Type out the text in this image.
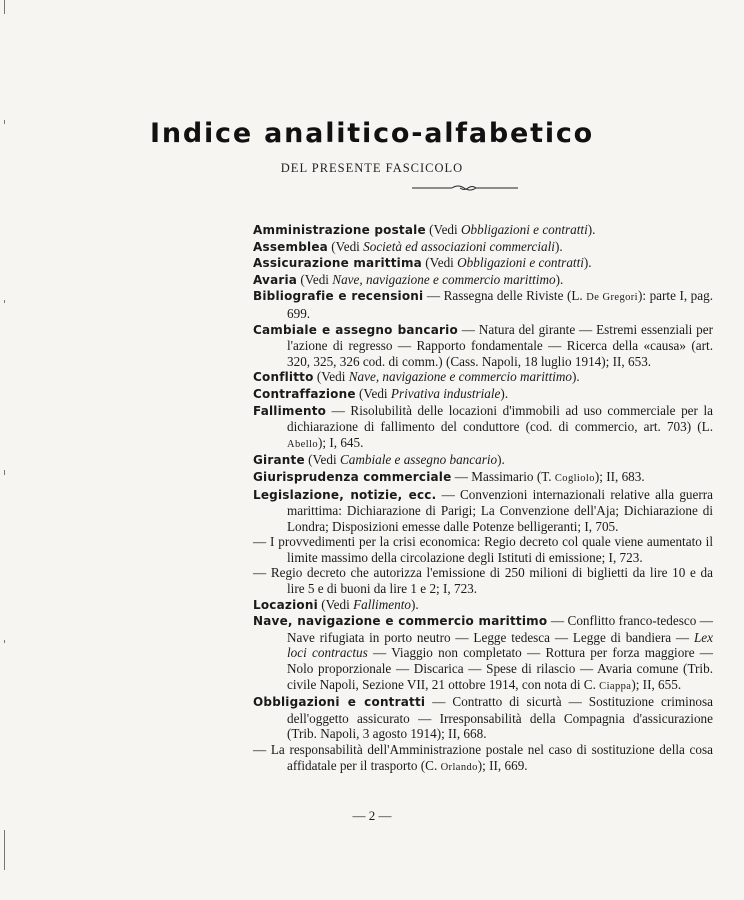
Indice analitico-alfabetico
DEL PRESENTE FASCICOLO

Amministrazione postale (Vedi Obbligazioni e contratti).

Assemblea (Vedi Società ed associazioni commerciali).

Assicurazione marittima (Vedi Obbligazioni e contratti).

Avaria (Vedi Nave, navigazione e commercio marittimo).

Bibliografie e recensioni — Rassegna delle Riviste (L. De Gregori): parte I, pag. 699.

Cambiale e assegno bancario — Natura del girante — Estremi essenziali per l'azione di regresso — Rapporto fondamentale — Ricerca della «causa» (art. 320, 325, 326 cod. di comm.) (Cass. Napoli, 18 luglio 1914); II, 653.

Conflitto (Vedi Nave, navigazione e commercio marittimo).

Contraffazione (Vedi Privativa industriale).

Fallimento — Risolubilità delle locazioni d'immobili ad uso commerciale per la dichiarazione di fallimento del conduttore (cod. di commercio, art. 703) (L. Abello); I, 645.

Girante (Vedi Cambiale e assegno bancario).

Giurisprudenza commerciale — Massimario (T. Cogliolo); II, 683.

Legislazione, notizie, ecc. — Convenzioni internazionali relative alla guerra marittima: Dichiarazione di Parigi; La Convenzione dell'Aja; Dichiarazione di Londra; Disposizioni emesse dalle Potenze belligeranti; I, 705.

— I provvedimenti per la crisi economica: Regio decreto col quale viene aumentato il limite massimo della circolazione degli Istituti di emissione; I, 723.

— Regio decreto che autorizza l'emissione di 250 milioni di biglietti da lire 10 e da lire 5 e di buoni da lire 1 e 2; I, 723.

Locazioni (Vedi Fallimento).

Nave, navigazione e commercio marittimo — Conflitto franco-tedesco — Nave rifugiata in porto neutro — Legge tedesca — Legge di bandiera — Lex loci contractus — Viaggio non completato — Rottura per forza maggiore — Nolo proporzionale — Discarica — Spese di rilascio — Avaria comune (Trib. civile Napoli, Sezione VII, 21 ottobre 1914, con nota di C. Ciappa); II, 655.

Obbligazioni e contratti — Contratto di sicurtà — Sostituzione criminosa dell'oggetto assicurato — Irresponsabilità della Compagnia d'assicurazione (Trib. Napoli, 3 agosto 1914); II, 668.

— La responsabilità dell'Amministrazione postale nel caso di sostituzione della cosa affidatale per il trasporto (C. Orlando); II, 669.

— 2 —
